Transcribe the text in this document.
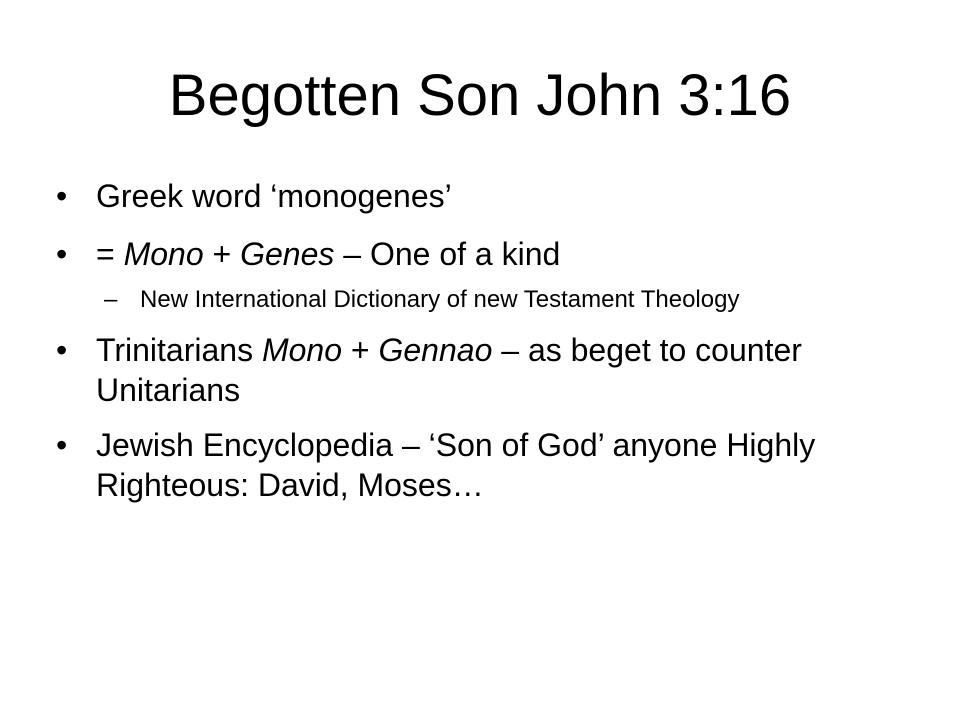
Begotten Son John 3:16
• Greek word ‘monogenes’
• = Mono + Genes – One of a kind
– New International Dictionary of new Testament Theology
• Trinitarians Mono + Gennao – as beget to counter Unitarians
• Jewish Encyclopedia – ‘Son of God’ anyone Highly Righteous: David, Moses…
